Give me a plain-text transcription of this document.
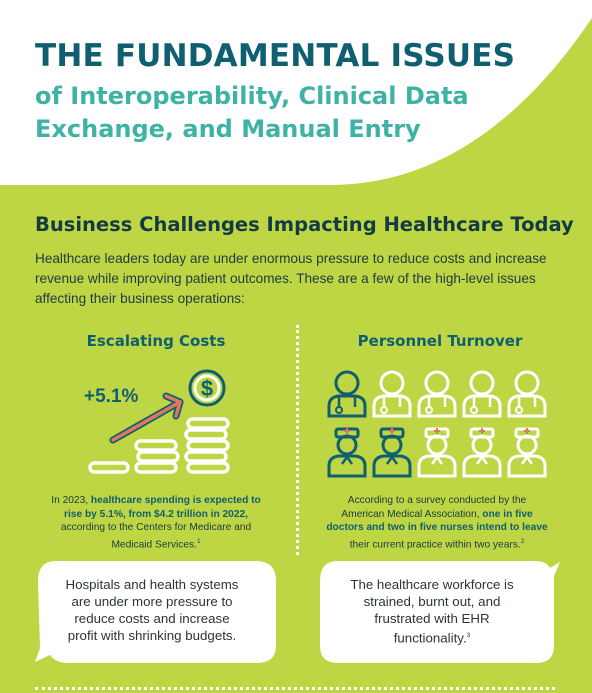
THE FUNDAMENTAL ISSUES
of Interoperability, Clinical Data Exchange, and Manual Entry
Business Challenges Impacting Healthcare Today

Healthcare leaders today are under enormous pressure to reduce costs and increase revenue while improving patient outcomes. These are a few of the high-level issues affecting their business operations:

Escalating Costs
+5.1%	$

In 2023, healthcare spending is expected to rise by 5.1%, from $4.2 trillion in 2022, according to the Centers for Medicare and Medicaid Services.$^1$

Hospitals and health systems are under more pressure to reduce costs and increase profit with shrinking budgets.

Personnel Turnover

According to a survey conducted by the American Medical Association, one in five doctors and two in five nurses intend to leave their current practice within two years.$^2$

The healthcare workforce is strained, burnt out, and frustrated with EHR functionality.$^3$
